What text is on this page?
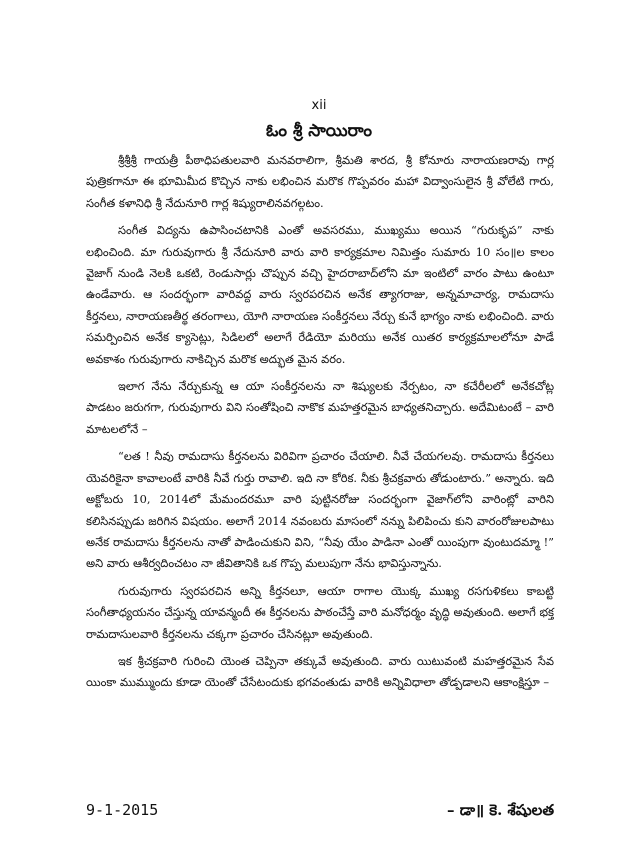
xii
ఓం శ్రీ సాయిరాం

శ్రీశ్రీశ్రీ గాయత్రీ పీఠాధిపతులవారి మనవరాలిగా, శ్రీమతి శారద, శ్రీ కోనూరు నారాయణరావు గార్ల పుత్రికగానూ ఈ భూమిమీద కొచ్చిన నాకు లభించిన మరొక గొప్పవరం మహా విద్వాంసులైన శ్రీ వోలేటి గారు, సంగీత కళానిధి శ్రీ నేదునూరి గార్ల శిష్యురాలినవగల్గటం.

సంగీత విద్యను ఉపాసించటానికి ఎంతో అవసరము, ముఖ్యము అయిన “గురుకృప” నాకు లభించింది. మా గురువుగారు శ్రీ నేదునూరి వారు వారి కార్యక్రమాల నిమిత్తం సుమారు 10 సం॥ల కాలం వైజాగ్ నుండి నెలకి ఒకటి, రెండుసార్లు చొప్పున వచ్చి హైదరాబాద్‌లోని మా ఇంటిలో వారం పాటు ఉంటూ ఉండేవారు. ఆ సందర్భంగా వారివద్ద వారు స్వరపరచిన అనేక త్యాగరాజు, అన్నమాచార్య, రామదాసు కీర్తనలు, నారాయణతీర్థ తరంగాలు, యోగి నారాయణ సంకీర్తనలు నేర్చు కునే భాగ్యం నాకు లభించింది. వారు సమర్పించిన అనేక క్యాసెట్లు, సిడిలలో అలాగే రేడియో మరియు అనేక యితర కార్యక్రమాలలోనూ పాడే అవకాశం గురువుగారు నాకిచ్చిన మరొక అద్భుత మైన వరం.

ఇలాగ నేను నేర్చుకున్న ఆ యా సంకీర్తనలను నా శిష్యులకు నేర్పటం, నా కచేరీలలో అనేకచోట్ల పాడటం జరుగగా, గురువుగారు విని సంతోషించి నాకొక మహత్తరమైన బాధ్యతనిచ్చారు. అదేమిటంటే – వారి మాటలలోనే –

“లత ! నీవు రామదాసు కీర్తనలను విరివిగా ప్రచారం చేయాలి. నీవే చేయగలవు. రామదాసు కీర్తనలు యెవరికైనా కావాలంటే వారికి నీవే గుర్తు రావాలి. ఇది నా కోరిక. నీకు శ్రీచక్రవారు తోడుంటారు.” అన్నారు. ఇది అక్టోబరు 10, 2014లో మేమందరమూ వారి పుట్టినరోజు సందర్భంగా వైజాగ్‌లోని వారింట్లో వారిని కలిసినప్పుడు జరిగిన విషయం. అలాగే 2014 నవంబరు మాసంలో నన్ను పిలిపించు కుని వారంరోజులపాటు అనేక రామదాసు కీర్తనలను నాతో పాడించుకుని విని, “నీవు యేం పాడినా ఎంతో యింపుగా వుంటుదమ్మా !” అని వారు ఆశీర్వదించటం నా జీవితానికి ఒక గొప్ప మలుపుగా నేను భావిస్తున్నాను.

గురువుగారు స్వరపరచిన అన్ని కీర్తనలూ, ఆయా రాగాల యొక్క ముఖ్య రసగుళికలు కాబట్టి సంగీతాధ్యయనం చేస్తున్న యావన్మందీ ఈ కీర్తనలను పాఠంచేస్తే వారి మనోధర్మం వృద్ధి అవుతుంది. అలాగే భక్త రామదాసులవారి కీర్తనలను చక్కగా ప్రచారం చేసినట్లూ అవుతుంది.

ఇక శ్రీచక్రవారి గురించి యెంత చెప్పినా తక్కువే అవుతుంది. వారు యిటువంటి మహత్తరమైన సేవ యింకా ముమ్ముందు కూడా యెంతో చేసేటందుకు భగవంతుడు వారికి అన్నివిధాలా తోడ్పడాలని ఆకాంక్షిస్తూ –

9-1-2015	– డా॥ కె. శేషులత
